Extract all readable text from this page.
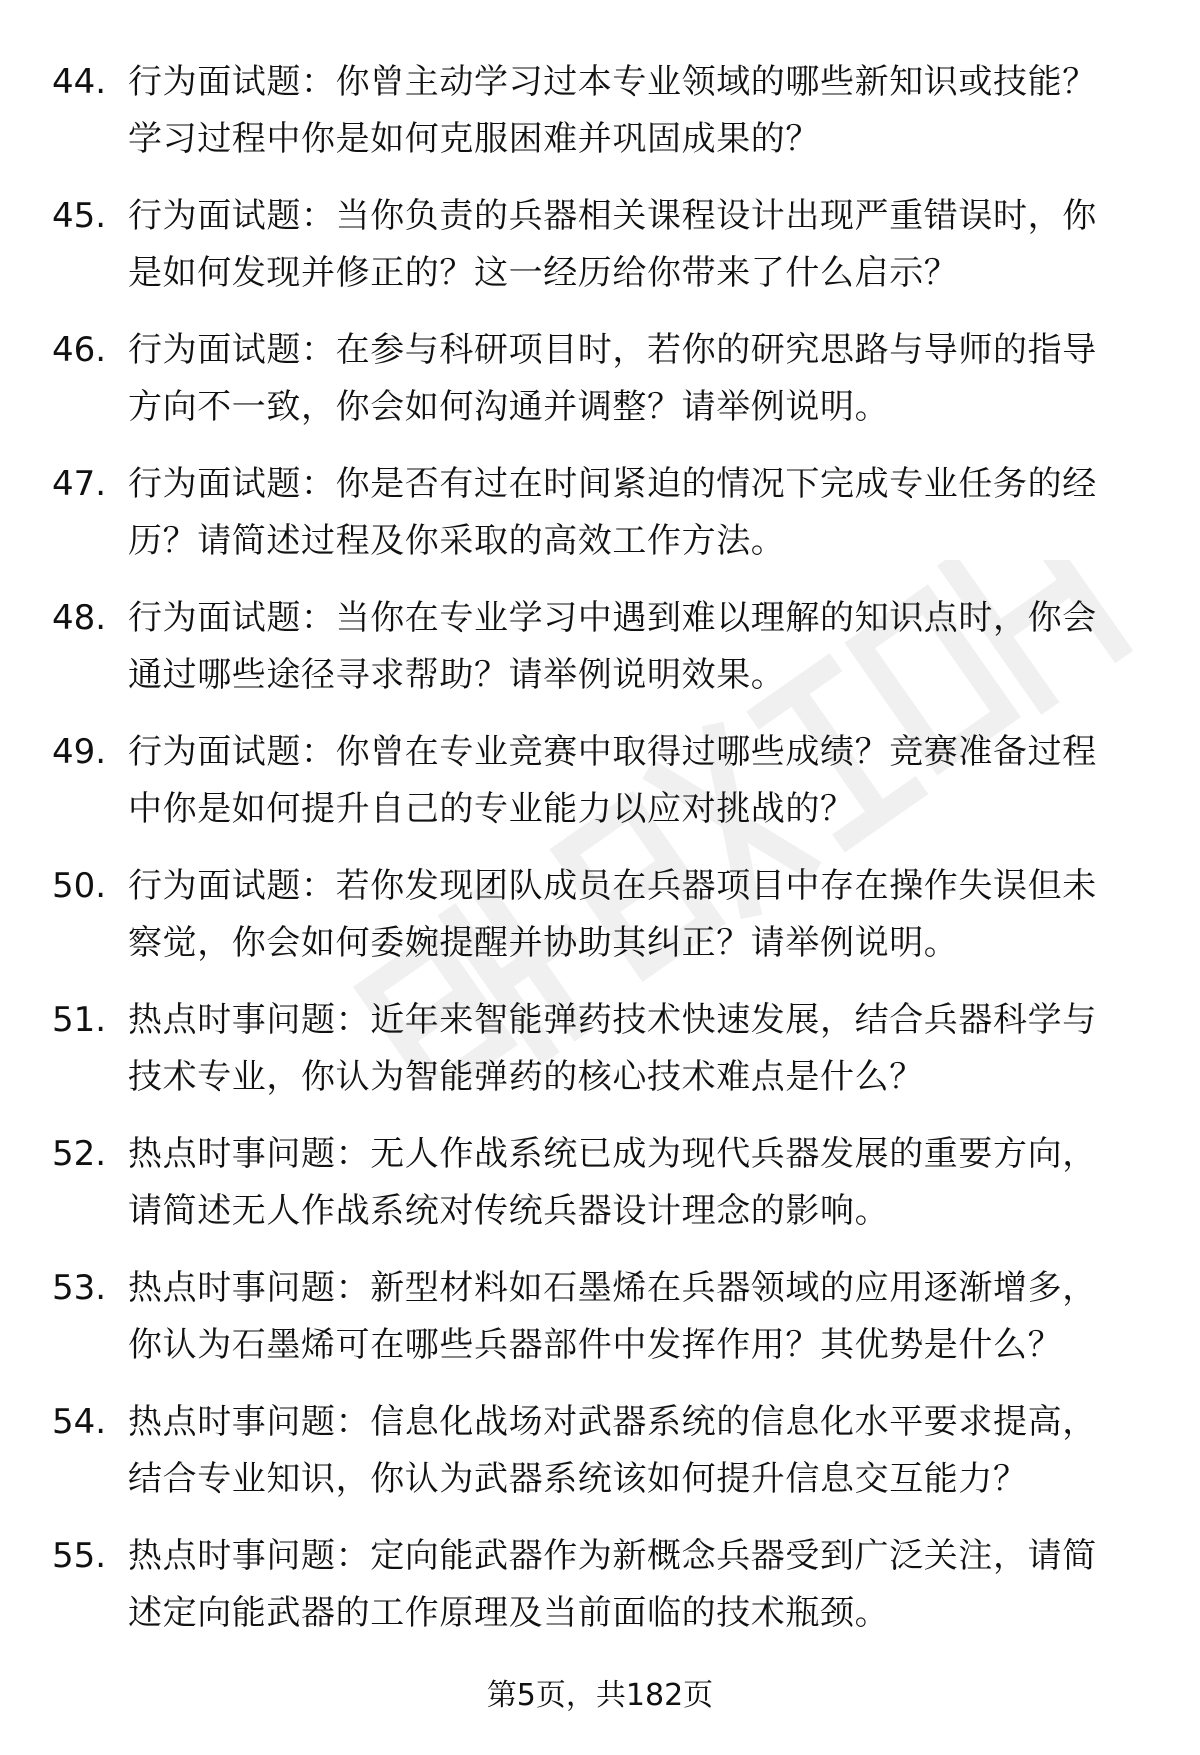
44. 行为面试题：你曾主动学习过本专业领域的哪些新知识或技能？学习过程中你是如何克服困难并巩固成果的？
45. 行为面试题：当你负责的兵器相关课程设计出现严重错误时，你是如何发现并修正的？这一经历给你带来了什么启示？
46. 行为面试题：在参与科研项目时，若你的研究思路与导师的指导方向不一致，你会如何沟通并调整？请举例说明。
47. 行为面试题：你是否有过在时间紧迫的情况下完成专业任务的经历？请简述过程及你采取的高效工作方法。
48. 行为面试题：当你在专业学习中遇到难以理解的知识点时，你会通过哪些途径寻求帮助？请举例说明效果。
49. 行为面试题：你曾在专业竞赛中取得过哪些成绩？竞赛准备过程中你是如何提升自己的专业能力以应对挑战的？
50. 行为面试题：若你发现团队成员在兵器项目中存在操作失误但未察觉，你会如何委婉提醒并协助其纠正？请举例说明。
51. 热点时事问题：近年来智能弹药技术快速发展，结合兵器科学与技术专业，你认为智能弹药的核心技术难点是什么？
52. 热点时事问题：无人作战系统已成为现代兵器发展的重要方向，请简述无人作战系统对传统兵器设计理念的影响。
53. 热点时事问题：新型材料如石墨烯在兵器领域的应用逐渐增多，你认为石墨烯可在哪些兵器部件中发挥作用？其优势是什么？
54. 热点时事问题：信息化战场对武器系统的信息化水平要求提高，结合专业知识，你认为武器系统该如何提升信息交互能力？
55. 热点时事问题：定向能武器作为新概念兵器受到广泛关注，请简述定向能武器的工作原理及当前面临的技术瓶颈。
第5页，共182页
